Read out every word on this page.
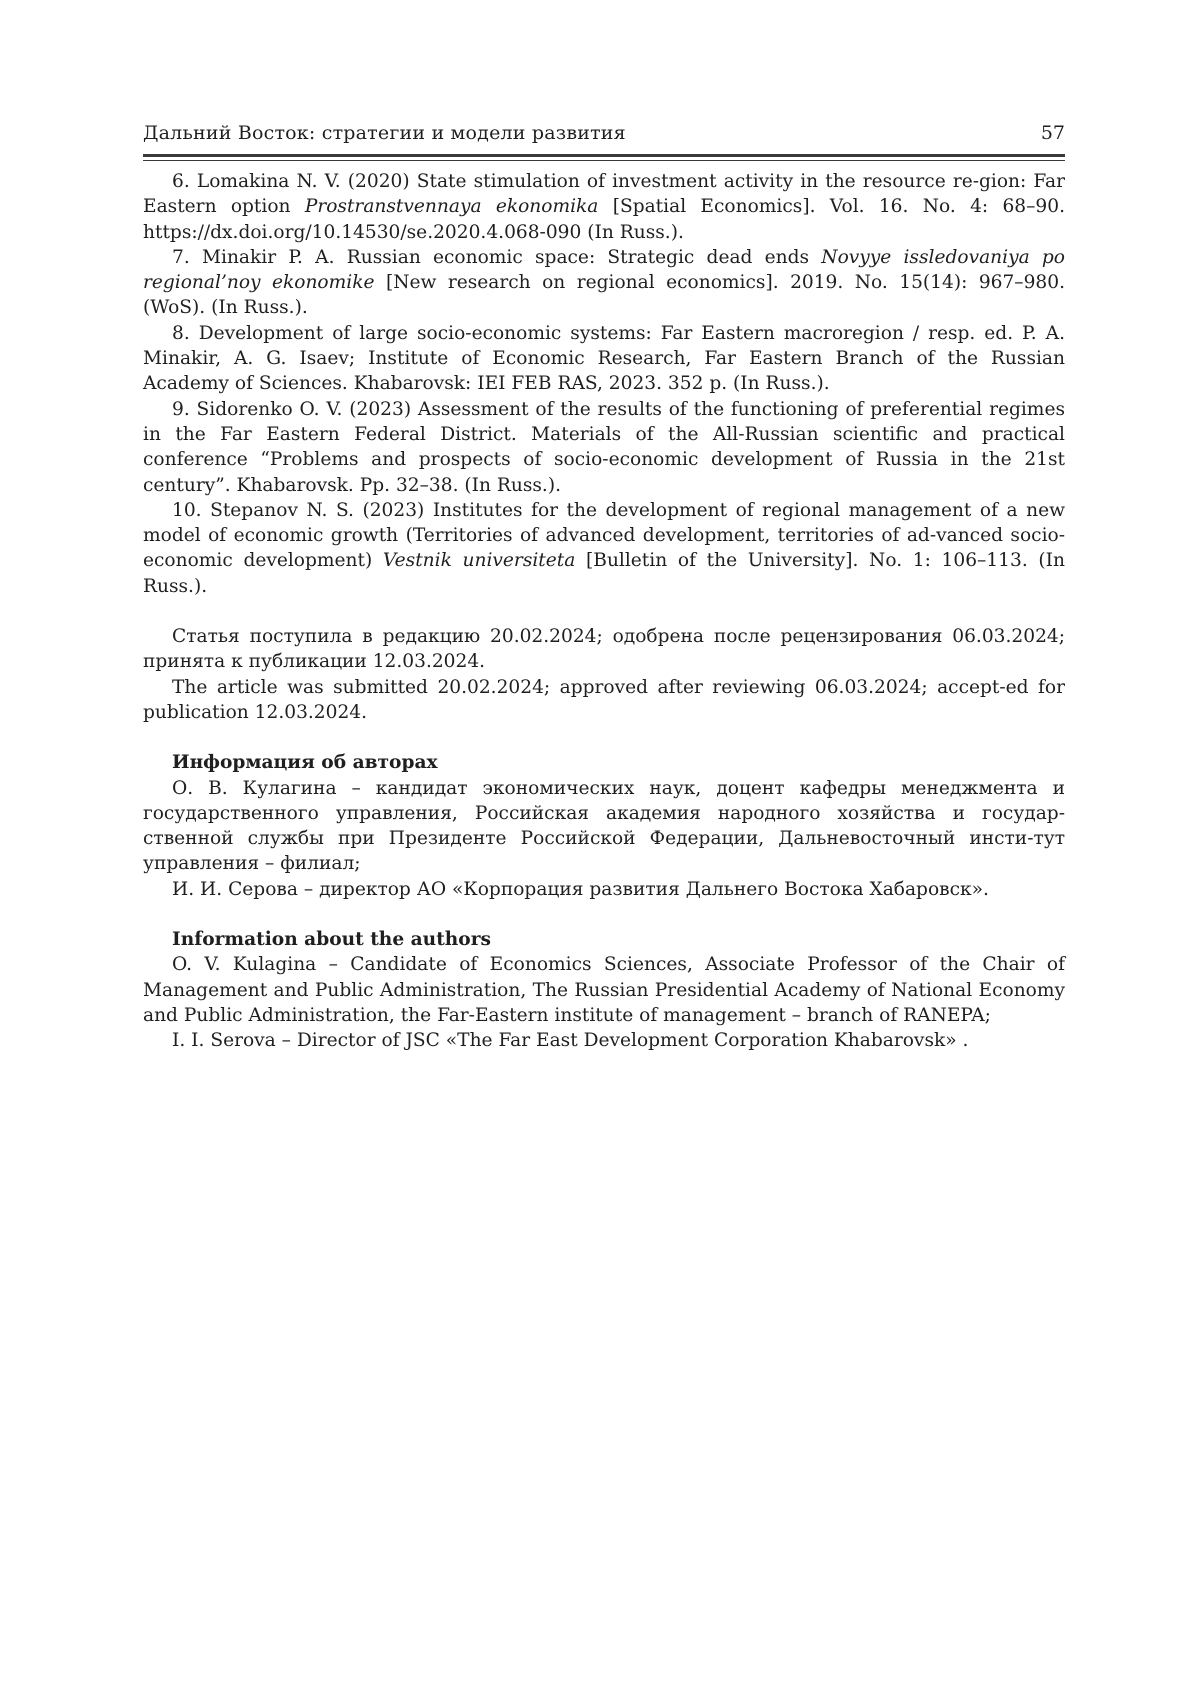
Дальний Восток: стратегии и модели развития	57

6. Lomakina N. V. (2020) State stimulation of investment activity in the resource re-gion: Far Eastern option Prostranstvennaya ekonomika [Spatial Economics]. Vol. 16. No. 4: 68–90. https://dx.doi.org/10.14530/se.2020.4.068-090 (In Russ.).

7. Minakir P. A. Russian economic space: Strategic dead ends Novyye issledovaniya po regional’noy ekonomike [New research on regional economics]. 2019. No. 15(14): 967–980. (WoS). (In Russ.).

8. Development of large socio-economic systems: Far Eastern macroregion / resp. ed. P. A. Minakir, A. G. Isaev; Institute of Economic Research, Far Eastern Branch of the Russian Academy of Sciences. Khabarovsk: IEI FEB RAS, 2023. 352 p. (In Russ.).

9. Sidorenko O. V. (2023) Assessment of the results of the functioning of preferential regimes in the Far Eastern Federal District. Materials of the All-Russian scientific and practical conference “Problems and prospects of socio-economic development of Russia in the 21st century”. Khabarovsk. Pp. 32–38. (In Russ.).

10. Stepanov N. S. (2023) Institutes for the development of regional management of a new model of economic growth (Territories of advanced development, territories of ad-vanced socio-economic development) Vestnik universiteta [Bulletin of the University]. No. 1: 106–113. (In Russ.).

Статья поступила в редакцию 20.02.2024; одобрена после рецензирования 06.03.2024; принята к публикации 12.03.2024.

The article was submitted 20.02.2024; approved after reviewing 06.03.2024; accept-ed for publication 12.03.2024.

Информация об авторах

О. В. Кулагина – кандидат экономических наук, доцент кафедры менеджмента и государственного управления, Российская академия народного хозяйства и государ-ственной службы при Президенте Российской Федерации, Дальневосточный инсти-тут управления – филиал;

И. И. Серова – директор АО «Корпорация развития Дальнего Востока Хабаровск».

Information about the authors

O. V. Kulagina – Candidate of Economics Sciences, Associate Professor of the Chair of Management and Public Administration, The Russian Presidential Academy of National Economy and Public Administration, the Far-Eastern institute of management – branch of RANEPA;

I. I. Serova – Director of JSC «The Far East Development Corporation Khabarovsk» .
